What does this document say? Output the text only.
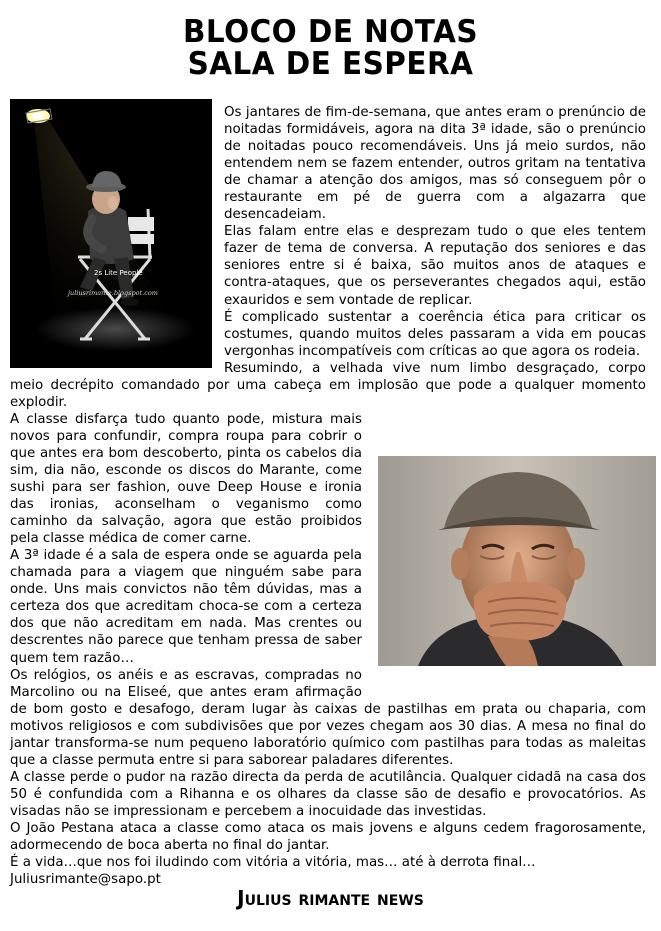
BLOCO DE NOTAS
SALA DE ESPERA
2s Lite People
juliusrimante.blogspot.com

Os jantares de fim-de-semana, que antes eram o prenúncio de noitadas formidáveis, agora na dita 3ª idade, são o prenúncio de noitadas pouco recomendáveis. Uns já meio surdos, não entendem nem se fazem entender, outros gritam na tentativa de chamar a atenção dos amigos, mas só conseguem pôr o restaurante em pé de guerra com a algazarra que desencadeiam.

Elas falam entre elas e desprezam tudo o que eles tentem fazer de tema de conversa. A reputação dos seniores e das seniores entre si é baixa, são muitos anos de ataques e contra-ataques, que os perseverantes chegados aqui, estão exauridos e sem vontade de replicar.

É complicado sustentar a coerência ética para criticar os costumes, quando muitos deles passaram a vida em poucas vergonhas incompatíveis com críticas ao que agora os rodeia.

Resumindo, a velhada vive num limbo desgraçado, corpo meio decrépito comandado por uma cabeça em implosão que pode a qualquer momento explodir.

A classe disfarça tudo quanto pode, mistura mais novos para confundir, compra roupa para cobrir o que antes era bom descoberto, pinta os cabelos dia sim, dia não, esconde os discos do Marante, come sushi para ser fashion, ouve Deep House e ironia das ironias, aconselham o veganismo como caminho da salvação, agora que estão proibidos pela classe médica de comer carne.

A 3ª idade é a sala de espera onde se aguarda pela chamada para a viagem que ninguém sabe para onde. Uns mais convictos não têm dúvidas, mas a certeza dos que acreditam choca-se com a certeza dos que não acreditam em nada. Mas crentes ou descrentes não parece que tenham pressa de saber quem tem razão…

Os relógios, os anéis e as escravas, compradas no Marcolino ou na Eliseé, que antes eram afirmação de bom gosto e desafogo, deram lugar às caixas de pastilhas em prata ou chaparia, com motivos religiosos e com subdivisões que por vezes chegam aos 30 dias. A mesa no final do jantar transforma-se num pequeno laboratório químico com pastilhas para todas as maleitas que a classe permuta entre si para saborear paladares diferentes.

A classe perde o pudor na razão directa da perda de acutilância. Qualquer cidadã na casa dos 50 é confundida com a Rihanna e os olhares da classe são de desafio e provocatórios. As visadas não se impressionam e percebem a inocuidade das investidas.

O João Pestana ataca a classe como ataca os mais jovens e alguns cedem fragorosamente, adormecendo de boca aberta no final do jantar.

É a vida…que nos foi iludindo com vitória a vitória, mas… até à derrota final…

Juliusrimante@sapo.pt
Julius rimante news
